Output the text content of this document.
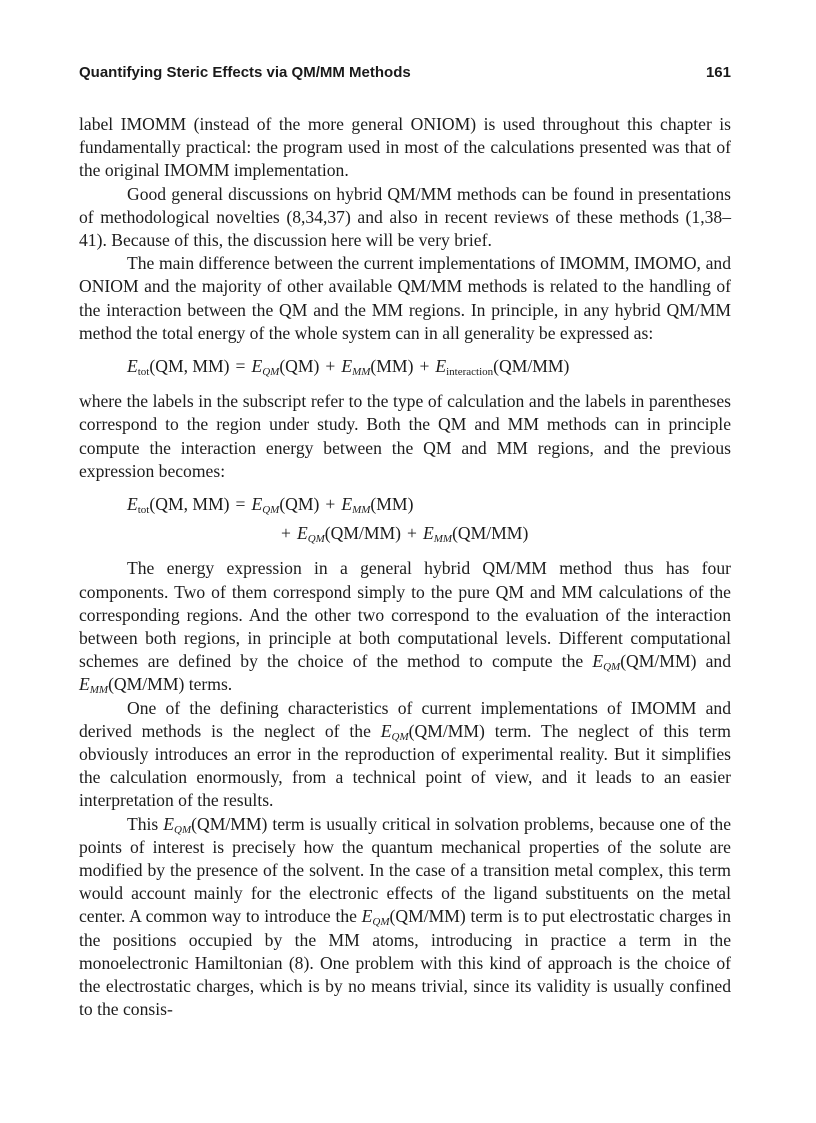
Quantifying Steric Effects via QM/MM Methods	161

label IMOMM (instead of the more general ONIOM) is used throughout this chapter is fundamentally practical: the program used in most of the calculations presented was that of the original IMOMM implementation.

Good general discussions on hybrid QM/MM methods can be found in presentations of methodological novelties (8,34,37) and also in recent reviews of these methods (1,38–41). Because of this, the discussion here will be very brief.

The main difference between the current implementations of IMOMM, IMOMO, and ONIOM and the majority of other available QM/MM methods is related to the handling of the interaction between the QM and the MM regions. In principle, in any hybrid QM/MM method the total energy of the whole system can in all generality be expressed as:

$E_{tot}(QM$, $MM) = E_{QM}(QM) + E_{MM}(MM) + E_{interaction}(QM/MM)$

where the labels in the subscript refer to the type of calculation and the labels in parentheses correspond to the region under study. Both the QM and MM methods can in principle compute the interaction energy between the QM and MM regions, and the previous expression becomes:

$E_{tot}(QM$, $MM) = E_{QM}(QM) + E_{MM}(MM)$
+ $E_{QM}(QM/MM) + E_{MM}(QM/MM)$

The energy expression in a general hybrid QM/MM method thus has four components. Two of them correspond simply to the pure QM and MM calculations of the corresponding regions. And the other two correspond to the evaluation of the interaction between both regions, in principle at both computational levels. Different computational schemes are defined by the choice of the method to compute the $E_{QM}(QM/MM)$ and $E_{MM}(QM/MM)$ terms.

One of the defining characteristics of current implementations of IMOMM and derived methods is the neglect of the $E_{QM}(QM/MM)$ term. The neglect of this term obviously introduces an error in the reproduction of experimental reality. But it simplifies the calculation enormously, from a technical point of view, and it leads to an easier interpretation of the results.

This $E_{QM}(QM/MM)$ term is usually critical in solvation problems, because one of the points of interest is precisely how the quantum mechanical properties of the solute are modified by the presence of the solvent. In the case of a transition metal complex, this term would account mainly for the electronic effects of the ligand substituents on the metal center. A common way to introduce the $E_{QM}(QM/MM)$ term is to put electrostatic charges in the positions occupied by the MM atoms, introducing in practice a term in the monoelectronic Hamiltonian (8). One problem with this kind of approach is the choice of the electrostatic charges, which is by no means trivial, since its validity is usually confined to the consis-
